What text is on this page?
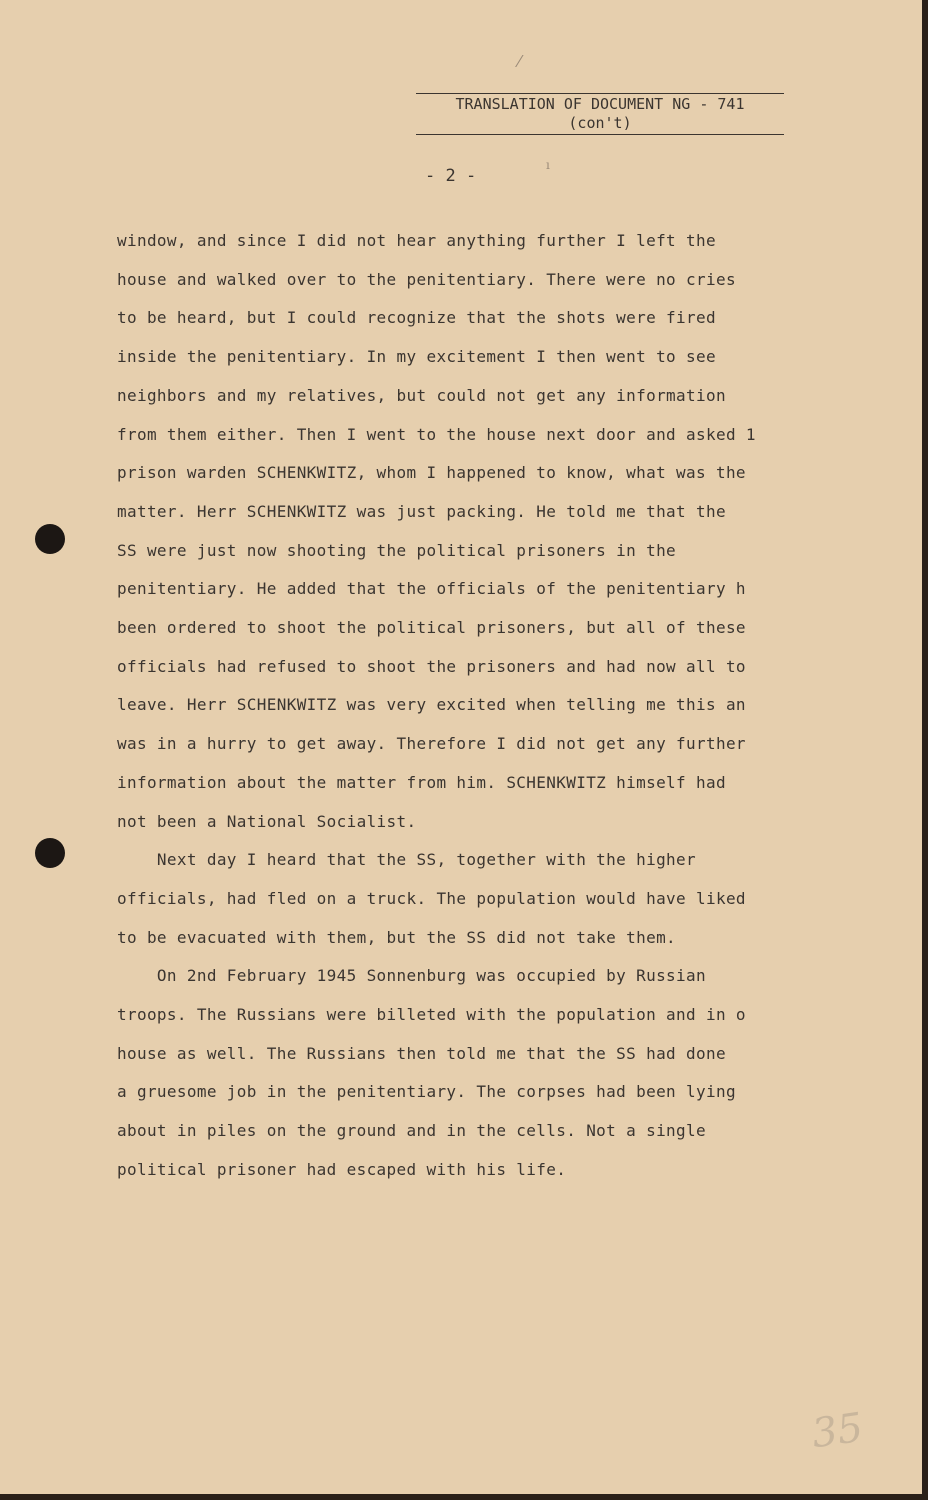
TRANSLATION OF DOCUMENT NG - 741
(con't)
- 2 -

window, and since I did not hear anything further I left the

house and walked over to the penitentiary. There were no cries

to be heard, but I could recognize that the shots were fired

inside the penitentiary. In my excitement I then went to see

neighbors and my relatives, but could not get any information

from them either. Then I went to the house next door and asked 1

prison warden SCHENKWITZ, whom I happened to know, what was the

matter. Herr SCHENKWITZ was just packing. He told me that the

SS were just now shooting the political prisoners in the

penitentiary. He added that the officials of the penitentiary h

been ordered to shoot the political prisoners, but all of these

officials had refused to shoot the prisoners and had now all to

leave. Herr SCHENKWITZ was very excited when telling me this an

was in a hurry to get away. Therefore I did not get any further

information about the matter from him. SCHENKWITZ himself had

not been a National Socialist.

Next day I heard that the SS, together with the higher

officials, had fled on a truck. The population would have liked

to be evacuated with them, but the SS did not take them.

On 2nd February 1945 Sonnenburg was occupied by Russian

troops. The Russians were billeted with the population and in o

house as well. The Russians then told me that the SS had done

a gruesome job in the penitentiary. The corpses had been lying

about in piles on the ground and in the cells. Not a single

political prisoner had escaped with his life.

⁄
ı
35
